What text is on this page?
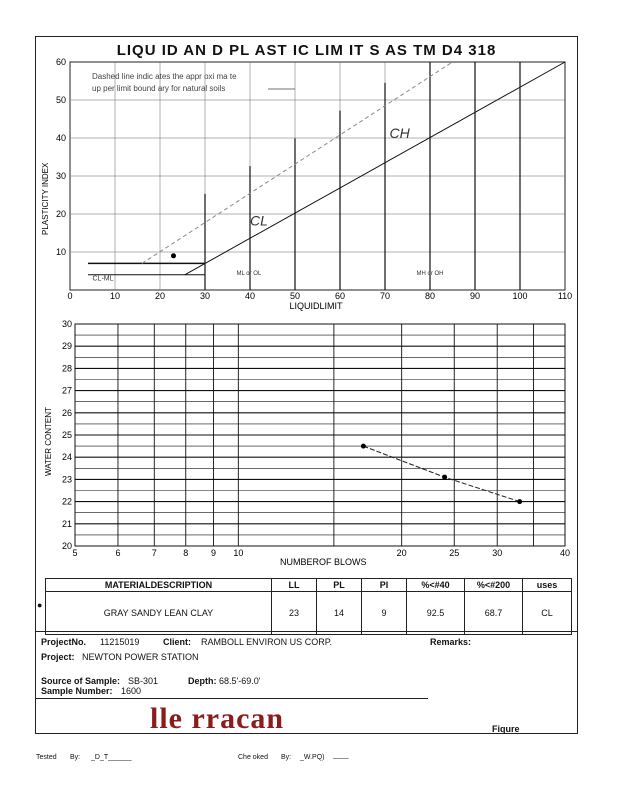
LIQU ID AN D PL AST IC LIM IT S AS TM D4 318
0	10	20	30	40	50	60	70	80	90	100	110
10
20
30
40
50
60
LIQUIDLIMIT
PLASTICITY INDEX
Dashed line indic ates the appr oxi ma te
up per limit bound ary for natural soils
CL-ML
ML or OL	MH or OH
CL
CH
20
21
22
23
24
25
26
27
28
29
30
5	6	7	8	9 10	20	25	30	40
NUMBEROF BLOWS
WATER CONTENT
MATERIALDESCRIPTION	LL	PL	PI	%<#40	%<#200	uses
GRAY SANDY LEAN CLAY	23	14	9	92.5	68.7	CL
●
ProjectNo. 11215019	Client: RAMBOLL ENVIRON US CORP.	Remarks:
Project: NEWTON POWER STATION
Source of Sample: SB-301	Depth: 68.5'-69.0'
Sample Number: 1600
lle rracan	Fiqure
Tested By: _D_T______	Che oked By: _W.PQ) ____
